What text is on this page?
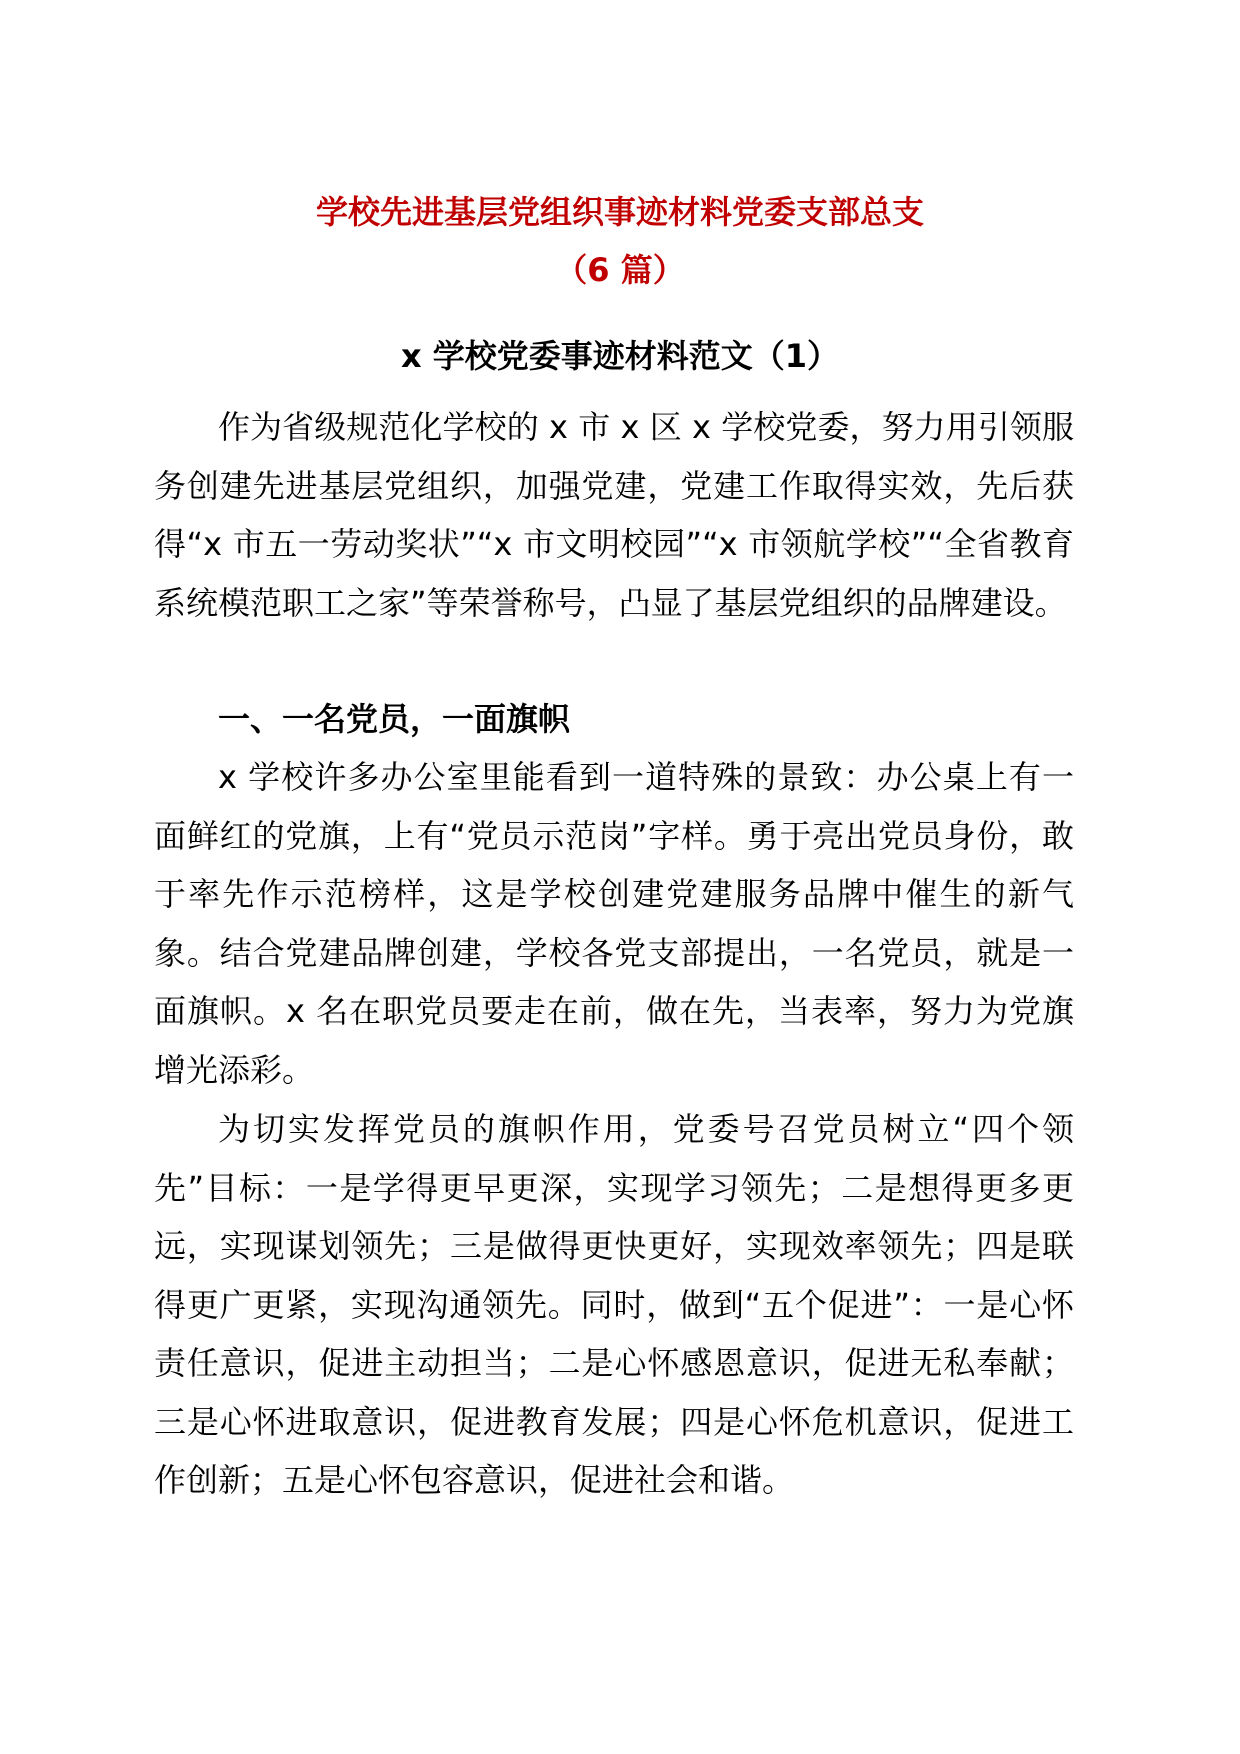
学校先进基层党组织事迹材料党委支部总支
（6 篇）
x 学校党委事迹材料范文（1）

作为省级规范化学校的 x 市 x 区 x 学校党委，努力用引领服务创建先进基层党组织，加强党建，党建工作取得实效，先后获得“x 市五一劳动奖状”“x 市文明校园”“x 市领航学校”“全省教育系统模范职工之家”等荣誉称号，凸显了基层党组织的品牌建设。

一、一名党员，一面旗帜

x 学校许多办公室里能看到一道特殊的景致：办公桌上有一面鲜红的党旗，上有“党员示范岗”字样。勇于亮出党员身份，敢于率先作示范榜样，这是学校创建党建服务品牌中催生的新气象。结合党建品牌创建，学校各党支部提出，一名党员，就是一面旗帜。x 名在职党员要走在前，做在先，当表率，努力为党旗增光添彩。

为切实发挥党员的旗帜作用，党委号召党员树立“四个领先”目标：一是学得更早更深，实现学习领先；二是想得更多更远，实现谋划领先；三是做得更快更好，实现效率领先；四是联得更广更紧，实现沟通领先。同时，做到“五个促进”：一是心怀责任意识，促进主动担当；二是心怀感恩意识，促进无私奉献；三是心怀进取意识，促进教育发展；四是心怀危机意识，促进工作创新；五是心怀包容意识，促进社会和谐。
